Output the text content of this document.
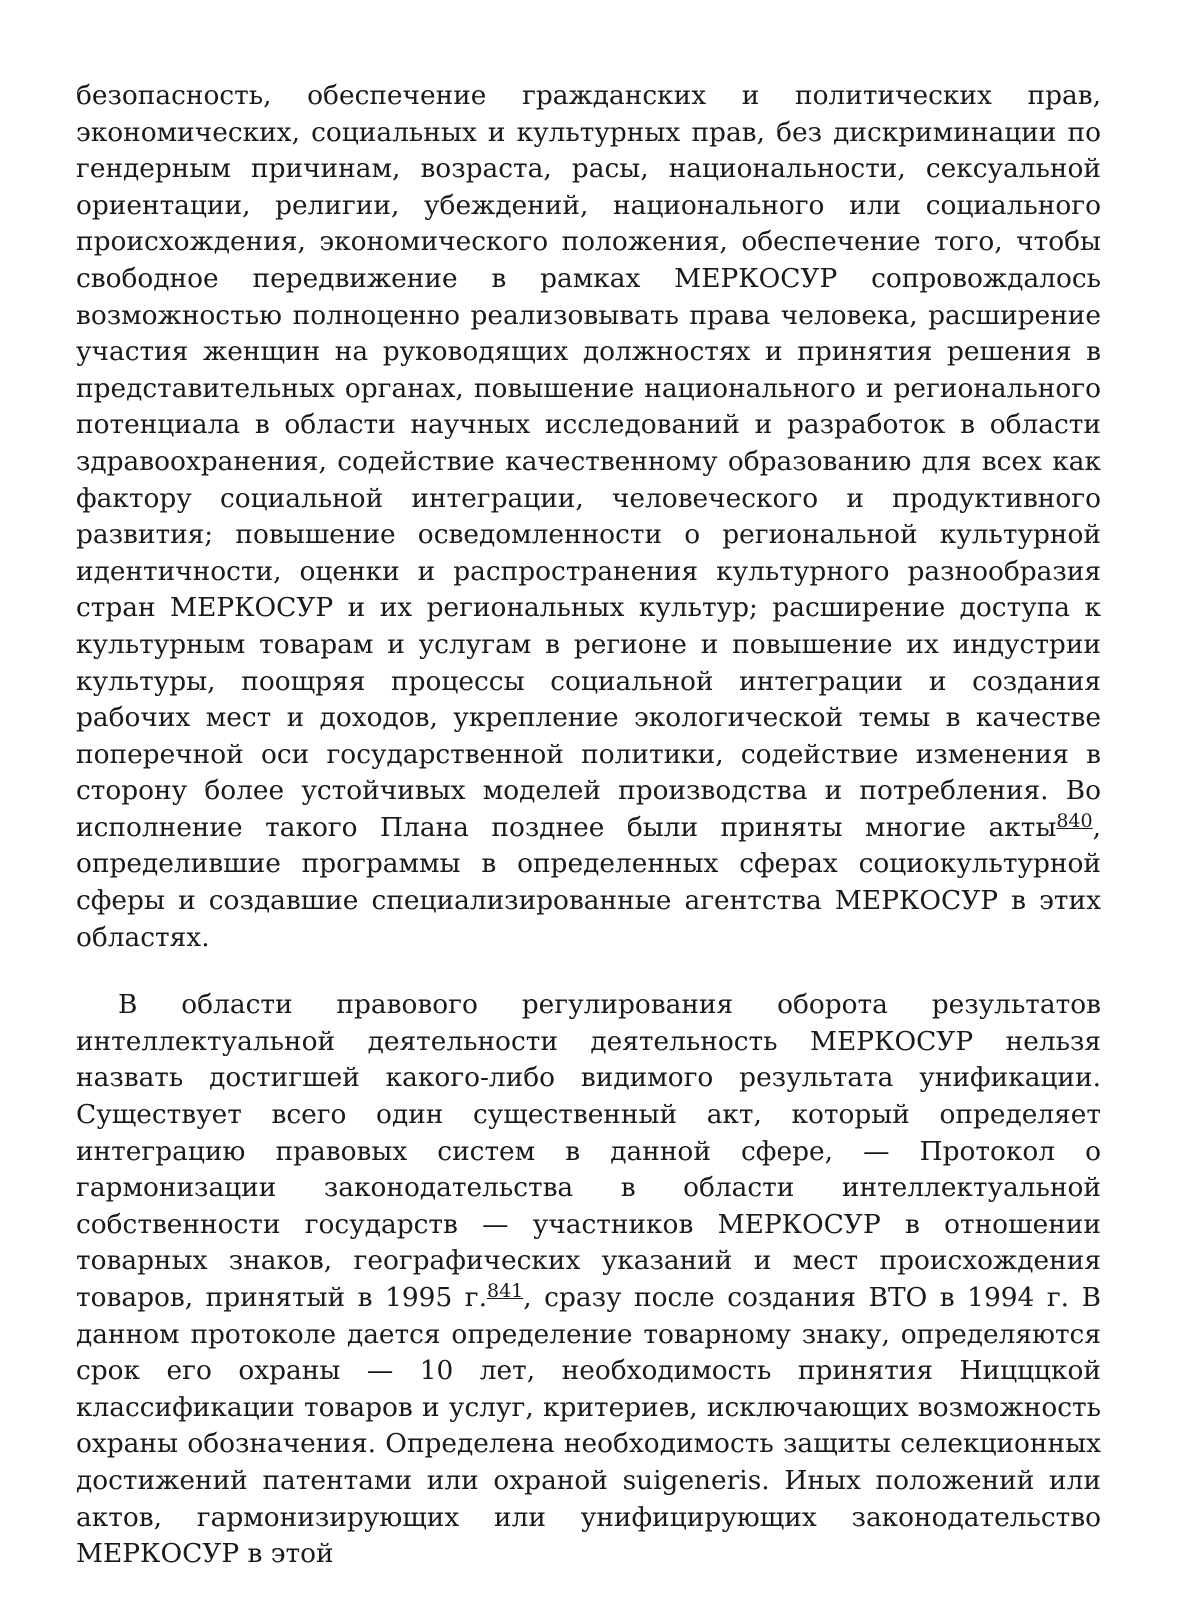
безопасность, обеспечение гражданских и политических прав, экономических, социальных и культурных прав, без дискриминации по гендерным причинам, возраста, расы, национальности, сексуальной ориентации, религии, убеждений, национального или социального происхождения, экономического положения, обеспечение того, чтобы свободное передвижение в рамках МЕРКОСУР сопровождалось возможностью полноценно реализовывать права человека, расширение участия женщин на руководящих должностях и принятия решения в представительных органах, повышение национального и регионального потенциала в области научных исследований и разработок в области здравоохранения, содействие качественному образованию для всех как фактору социальной интеграции, человеческого и продуктивного развития; повышение осведомленности о региональной культурной идентичности, оценки и распространения культурного разнообразия стран МЕРКОСУР и их региональных культур; расширение доступа к культурным товарам и услугам в регионе и повышение их индустрии культуры, поощряя процессы социальной интеграции и создания рабочих мест и доходов, укрепление экологической темы в качестве поперечной оси государственной политики, содействие изменения в сторону более устойчивых моделей производства и потребления. Во исполнение такого Плана позднее были приняты многие акты$^{840}$, определившие программы в определенных сферах социокультурной сферы и создавшие специализированные агентства МЕРКОСУР в этих областях.

В области правового регулирования оборота результатов интеллектуальной деятельности деятельность МЕРКОСУР нельзя назвать достигшей какого-либо видимого результата унификации. Существует всего один существенный акт, который определяет интеграцию правовых систем в данной сфере, — Протокол о гармонизации законодательства в области интеллектуальной собственности государств — участников МЕРКОСУР в отношении товарных знаков, географических указаний и мест происхождения товаров, принятый в 1995 г.$^{841}$, сразу после создания ВТО в 1994 г. В данном протоколе дается определение товарному знаку, определяются срок его охраны — 10 лет, необходимость принятия Ницццкой классификации товаров и услуг, критериев, исключающих возможность охраны обозначения. Определена необходимость защиты селекционных достижений патентами или охраной suigeneris. Иных положений или актов, гармонизирующих или унифицирующих законодательство МЕРКОСУР в этой
